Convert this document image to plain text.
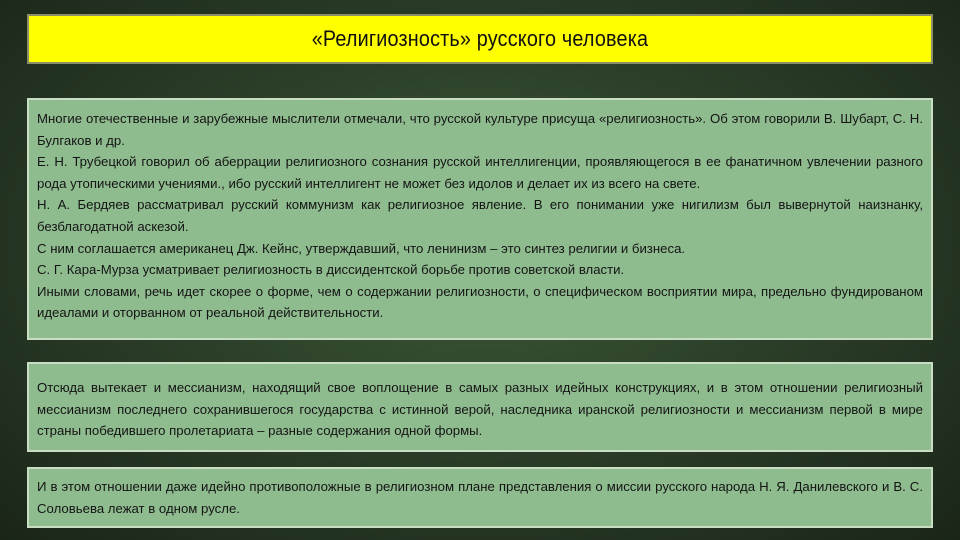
«Религиозность» русского человека

Многие отечественные и зарубежные мыслители отмечали, что русской культуре присуща «религиозность». Об этом говорили В. Шубарт, С. Н. Булгаков и др.

Е. Н. Трубецкой говорил об аберрации религиозного сознания русской интеллигенции, проявляющегося в ее фанатичном увлечении разного рода утопическими учениями., ибо русский интеллигент не может без идолов и делает их из всего на свете.

Н. А. Бердяев рассматривал русский коммунизм как религиозное явление. В его понимании уже нигилизм был вывернутой наизнанку, безблагодатной аскезой.

С ним соглашается американец Дж. Кейнс, утверждавший, что ленинизм – это синтез религии и бизнеса.

С. Г. Кара-Мурза усматривает религиозность в диссидентской борьбе против советской власти.

Иными словами, речь идет скорее о форме, чем о содержании религиозности, о специфическом восприятии мира, предельно фундированом идеалами и оторванном от реальной действительности.

Отсюда вытекает и мессианизм, находящий свое воплощение в самых разных идейных конструкциях, и в этом отношении религиозный мессианизм последнего сохранившегося государства с истинной верой, наследника иранской религиозности и мессианизм первой в мире страны победившего пролетариата – разные содержания одной формы.

И в этом отношении даже идейно противоположные в религиозном плане представления о миссии русского народа Н. Я. Данилевского и В. С. Соловьева лежат в одном русле.
